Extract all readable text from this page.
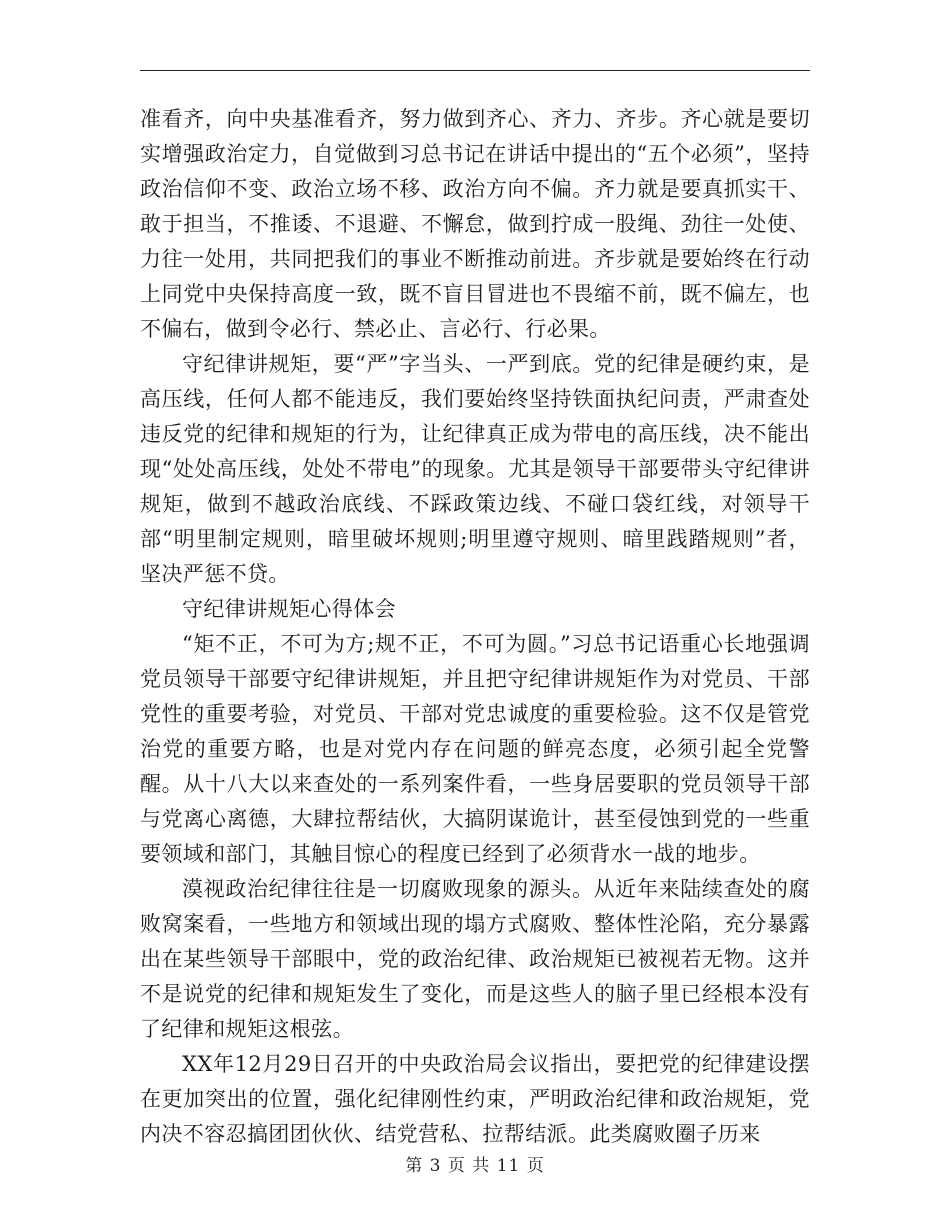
准看齐，向中央基准看齐，努力做到齐心、齐力、齐步。齐心就是要切实增强政治定力，自觉做到习总书记在讲话中提出的“五个必须”，坚持政治信仰不变、政治立场不移、政治方向不偏。齐力就是要真抓实干、敢于担当，不推诿、不退避、不懈怠，做到拧成一股绳、劲往一处使、力往一处用，共同把我们的事业不断推动前进。齐步就是要始终在行动上同党中央保持高度一致，既不盲目冒进也不畏缩不前，既不偏左，也不偏右，做到令必行、禁必止、言必行、行必果。

守纪律讲规矩，要“严”字当头、一严到底。党的纪律是硬约束，是高压线，任何人都不能违反，我们要始终坚持铁面执纪问责，严肃查处违反党的纪律和规矩的行为，让纪律真正成为带电的高压线，决不能出现“处处高压线，处处不带电”的现象。尤其是领导干部要带头守纪律讲规矩，做到不越政治底线、不踩政策边线、不碰口袋红线，对领导干部“明里制定规则，暗里破坏规则;明里遵守规则、暗里践踏规则”者，坚决严惩不贷。

守纪律讲规矩心得体会

“矩不正，不可为方;规不正，不可为圆。”习总书记语重心长地强调党员领导干部要守纪律讲规矩，并且把守纪律讲规矩作为对党员、干部党性的重要考验，对党员、干部对党忠诚度的重要检验。这不仅是管党治党的重要方略，也是对党内存在问题的鲜亮态度，必须引起全党警醒。从十八大以来查处的一系列案件看，一些身居要职的党员领导干部与党离心离德，大肆拉帮结伙，大搞阴谋诡计，甚至侵蚀到党的一些重要领域和部门，其触目惊心的程度已经到了必须背水一战的地步。

漠视政治纪律往往是一切腐败现象的源头。从近年来陆续查处的腐败窝案看，一些地方和领域出现的塌方式腐败、整体性沦陷，充分暴露出在某些领导干部眼中，党的政治纪律、政治规矩已被视若无物。这并不是说党的纪律和规矩发生了变化，而是这些人的脑子里已经根本没有了纪律和规矩这根弦。

XX年12月29日召开的中央政治局会议指出，要把党的纪律建设摆在更加突出的位置，强化纪律刚性约束，严明政治纪律和政治规矩，党内决不容忍搞团团伙伙、结党营私、拉帮结派。此类腐败圈子历来

第 3 页 共 11 页
